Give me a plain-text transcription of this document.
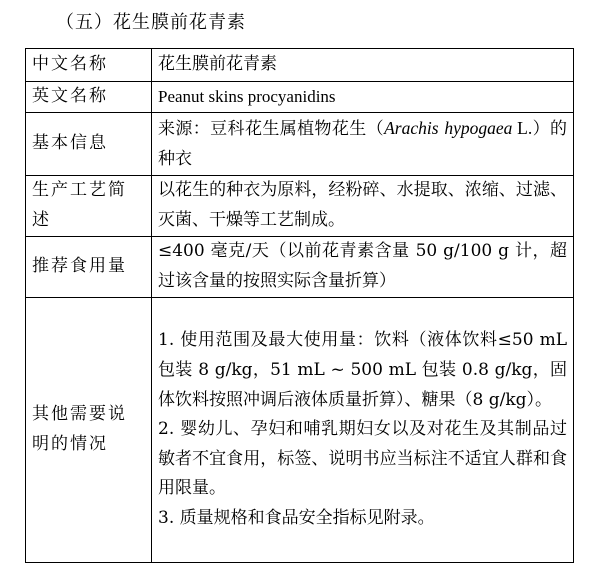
（五）花生膜前花青素
中文名称	花生膜前花青素
英文名称	Peanut skins procyanidins
基本信息	来源：豆科花生属植物花生（Arachis hypogaea L.）的种衣
生产工艺简述	以花生的种衣为原料，经粉碎、水提取、浓缩、过滤、灭菌、干燥等工艺制成。
推荐食用量	≤400 毫克/天（以前花青素含量 50 g/100 g 计，超过该含量的按照实际含量折算）
其他需要说明的情况	1. 使用范围及最大使用量：饮料（液体饮料≤50 mL 包装 8 g/kg，51 mL ~ 500 mL 包装 0.8 g/kg，固体饮料按照冲调后液体质量折算）、糖果（8 g/kg）。
2. 婴幼儿、孕妇和哺乳期妇女以及对花生及其制品过敏者不宜食用，标签、说明书应当标注不适宜人群和食用限量。
3. 质量规格和食品安全指标见附录。
